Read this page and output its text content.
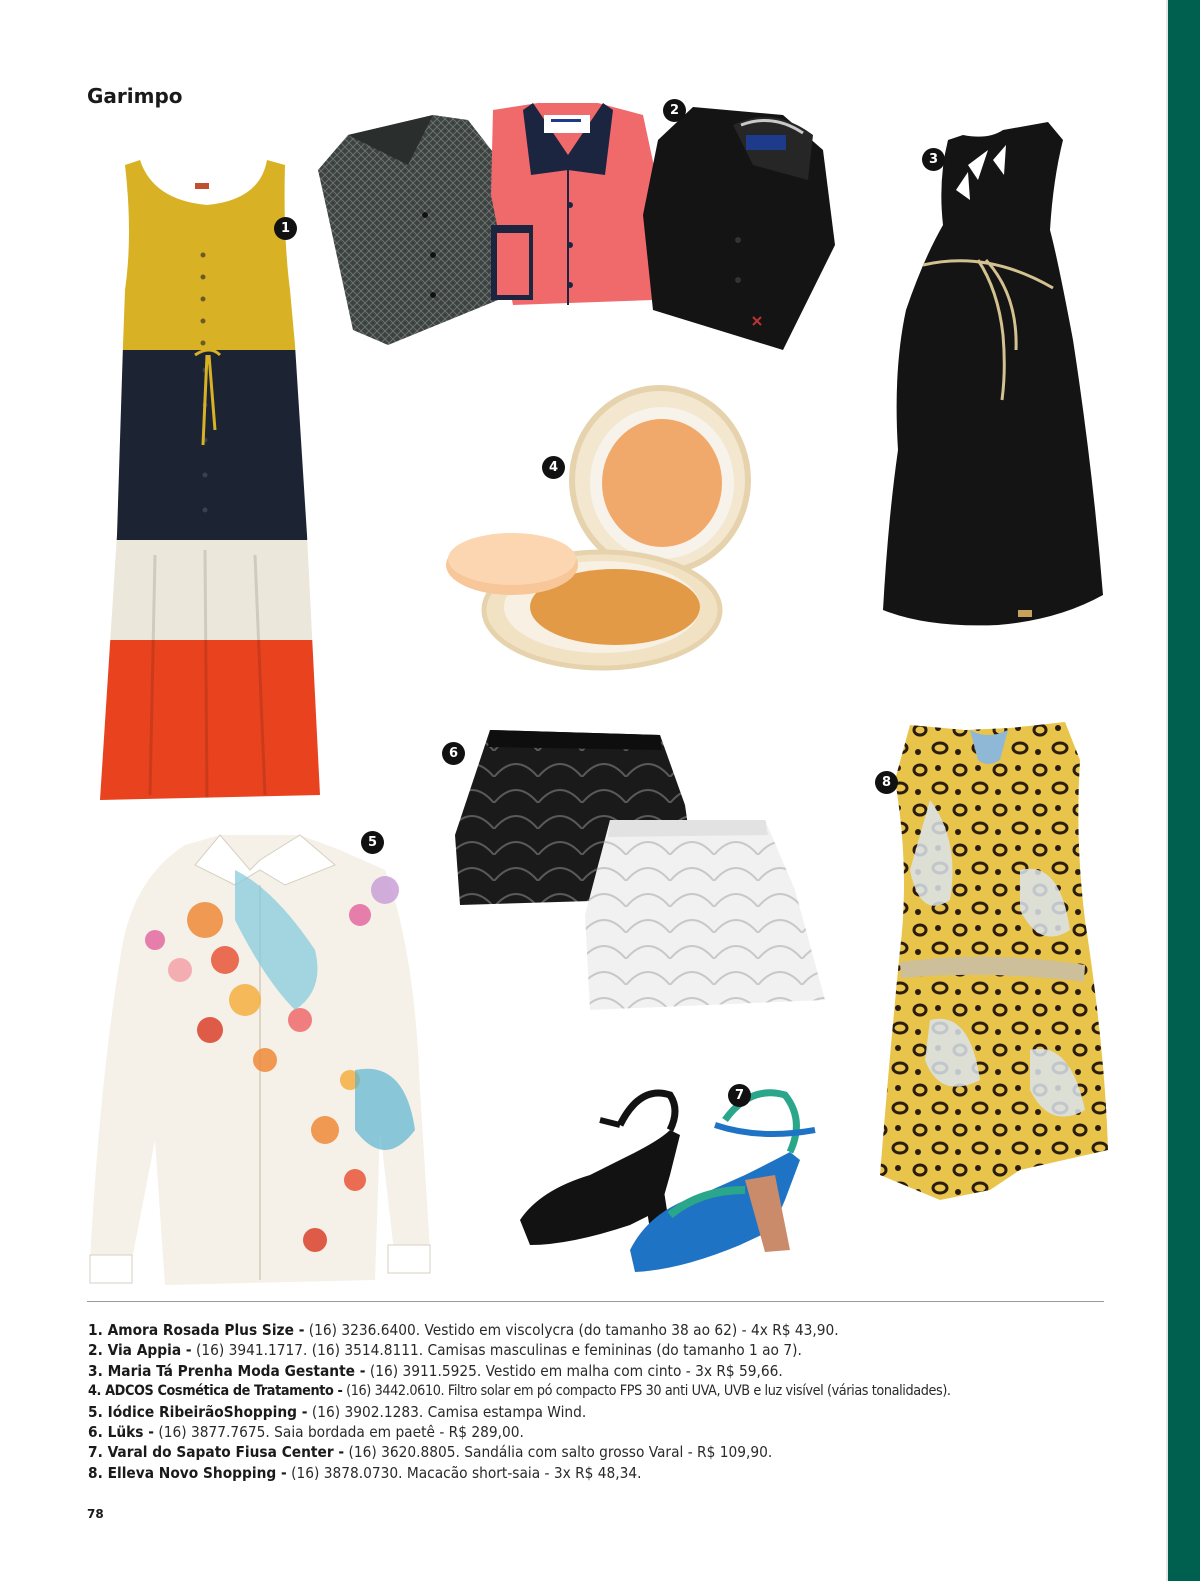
Garimpo
1
2
3
4
5
6
7
8
1. Amora Rosada Plus Size - (16) 3236.6400. Vestido em viscolycra (do tamanho 38 ao 62) - 4x R$ 43,90.
2. Via Appia - (16) 3941.1717. (16) 3514.8111. Camisas masculinas e femininas (do tamanho 1 ao 7).
3. Maria Tá Prenha Moda Gestante - (16) 3911.5925. Vestido em malha com cinto - 3x R$ 59,66.
4. ADCOS Cosmética de Tratamento - (16) 3442.0610. Filtro solar em pó compacto FPS 30 anti UVA, UVB e luz visível (várias tonalidades).
5. Iódice RibeirãoShopping - (16) 3902.1283. Camisa estampa Wind.
6. Lüks - (16) 3877.7675. Saia bordada em paetê - R$ 289,00.
7. Varal do Sapato Fiusa Center - (16) 3620.8805. Sandália com salto grosso Varal - R$ 109,90.
8. Elleva Novo Shopping - (16) 3878.0730. Macacão short-saia - 3x R$ 48,34.
78
